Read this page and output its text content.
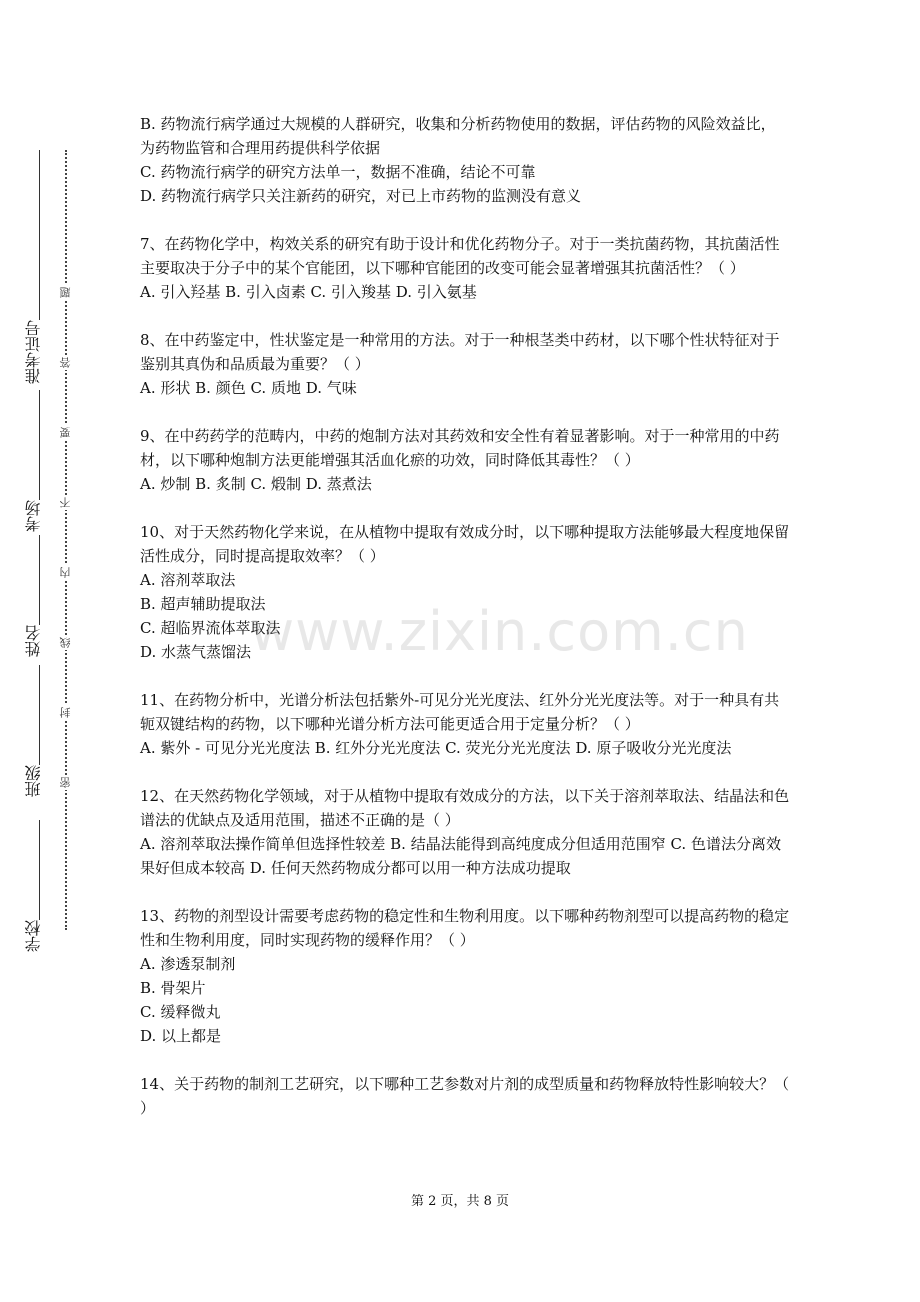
准考证号
考场
姓名
班级
学校
题
答
要
不
内
线
封
密
www.zixin.com.cn

B. 药物流行病学通过大规模的人群研究，收集和分析药物使用的数据，评估药物的风险效益比，为药物监管和合理用药提供科学依据

C. 药物流行病学的研究方法单一，数据不准确，结论不可靠

D. 药物流行病学只关注新药的研究，对已上市药物的监测没有意义

7、在药物化学中，构效关系的研究有助于设计和优化药物分子。对于一类抗菌药物，其抗菌活性主要取决于分子中的某个官能团，以下哪种官能团的改变可能会显著增强其抗菌活性？（ ）

A. 引入羟基 B. 引入卤素 C. 引入羧基 D. 引入氨基

8、在中药鉴定中，性状鉴定是一种常用的方法。对于一种根茎类中药材，以下哪个性状特征对于鉴别其真伪和品质最为重要？（ ）

A. 形状 B. 颜色 C. 质地 D. 气味

9、在中药药学的范畴内，中药的炮制方法对其药效和安全性有着显著影响。对于一种常用的中药材，以下哪种炮制方法更能增强其活血化瘀的功效，同时降低其毒性？（ ）

A. 炒制 B. 炙制 C. 煅制 D. 蒸煮法

10、对于天然药物化学来说，在从植物中提取有效成分时，以下哪种提取方法能够最大程度地保留活性成分，同时提高提取效率？（ ）

A. 溶剂萃取法

B. 超声辅助提取法

C. 超临界流体萃取法

D. 水蒸气蒸馏法

11、在药物分析中，光谱分析法包括紫外-可见分光光度法、红外分光光度法等。对于一种具有共轭双键结构的药物，以下哪种光谱分析方法可能更适合用于定量分析？（ ）

A. 紫外 - 可见分光光度法 B. 红外分光光度法 C. 荧光分光光度法 D. 原子吸收分光光度法

12、在天然药物化学领域，对于从植物中提取有效成分的方法，以下关于溶剂萃取法、结晶法和色谱法的优缺点及适用范围，描述不正确的是（ ）

A. 溶剂萃取法操作简单但选择性较差 B. 结晶法能得到高纯度成分但适用范围窄 C. 色谱法分离效果好但成本较高 D. 任何天然药物成分都可以用一种方法成功提取

13、药物的剂型设计需要考虑药物的稳定性和生物利用度。以下哪种药物剂型可以提高药物的稳定性和生物利用度，同时实现药物的缓释作用？（ ）

A. 渗透泵制剂

B. 骨架片

C. 缓释微丸

D. 以上都是

14、关于药物的制剂工艺研究，以下哪种工艺参数对片剂的成型质量和药物释放特性影响较大？（ ）

第 2 页，共 8 页
